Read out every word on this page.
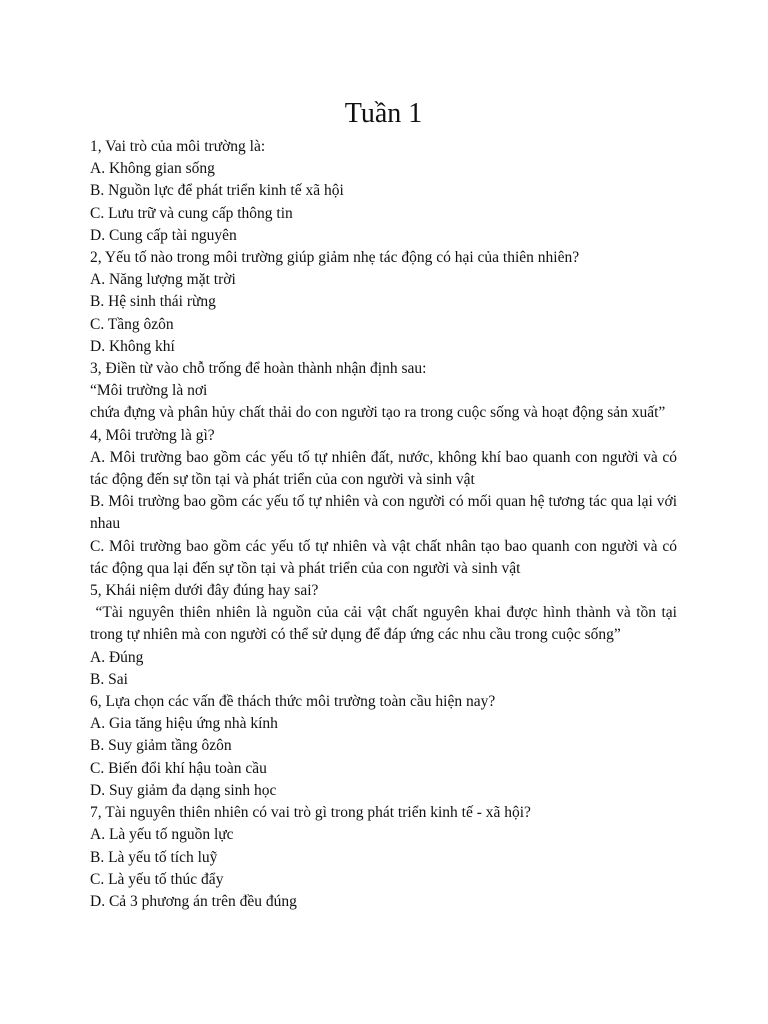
Tuần 1
1, Vai trò của môi trường là:
A. Không gian sống
B. Nguồn lực để phát triển kinh tế xã hội
C. Lưu trữ và cung cấp thông tin
D. Cung cấp tài nguyên
2, Yếu tố nào trong môi trường giúp giảm nhẹ tác động có hại của thiên nhiên?
A. Năng lượng mặt trời
B. Hệ sinh thái rừng
C. Tầng ôzôn
D. Không khí
3, Điền từ vào chỗ trống để hoàn thành nhận định sau:
“Môi trường là nơi
chứa đựng và phân hủy chất thải do con người tạo ra trong cuộc sống và hoạt động sản xuất”
4, Môi trường là gì?
A. Môi trường bao gồm các yếu tố tự nhiên đất, nước, không khí bao quanh con người và có tác động đến sự tồn tại và phát triển của con người và sinh vật
B. Môi trường bao gồm các yếu tố tự nhiên và con người có mối quan hệ tương tác qua lại với nhau
C. Môi trường bao gồm các yếu tố tự nhiên và vật chất nhân tạo bao quanh con người và có tác động qua lại đến sự tồn tại và phát triển của con người và sinh vật
5, Khái niệm dưới đây đúng hay sai?
“Tài nguyên thiên nhiên là nguồn của cải vật chất nguyên khai được hình thành và tồn tại trong tự nhiên mà con người có thể sử dụng để đáp ứng các nhu cầu trong cuộc sống”
A. Đúng
B. Sai
6, Lựa chọn các vấn đề thách thức môi trường toàn cầu hiện nay?
A. Gia tăng hiệu ứng nhà kính
B. Suy giảm tầng ôzôn
C. Biến đổi khí hậu toàn cầu
D. Suy giảm đa dạng sinh học
7, Tài nguyên thiên nhiên có vai trò gì trong phát triển kinh tế - xã hội?
A. Là yếu tố nguồn lực
B. Là yếu tố tích luỹ
C. Là yếu tố thúc đẩy
D. Cả 3 phương án trên đều đúng
